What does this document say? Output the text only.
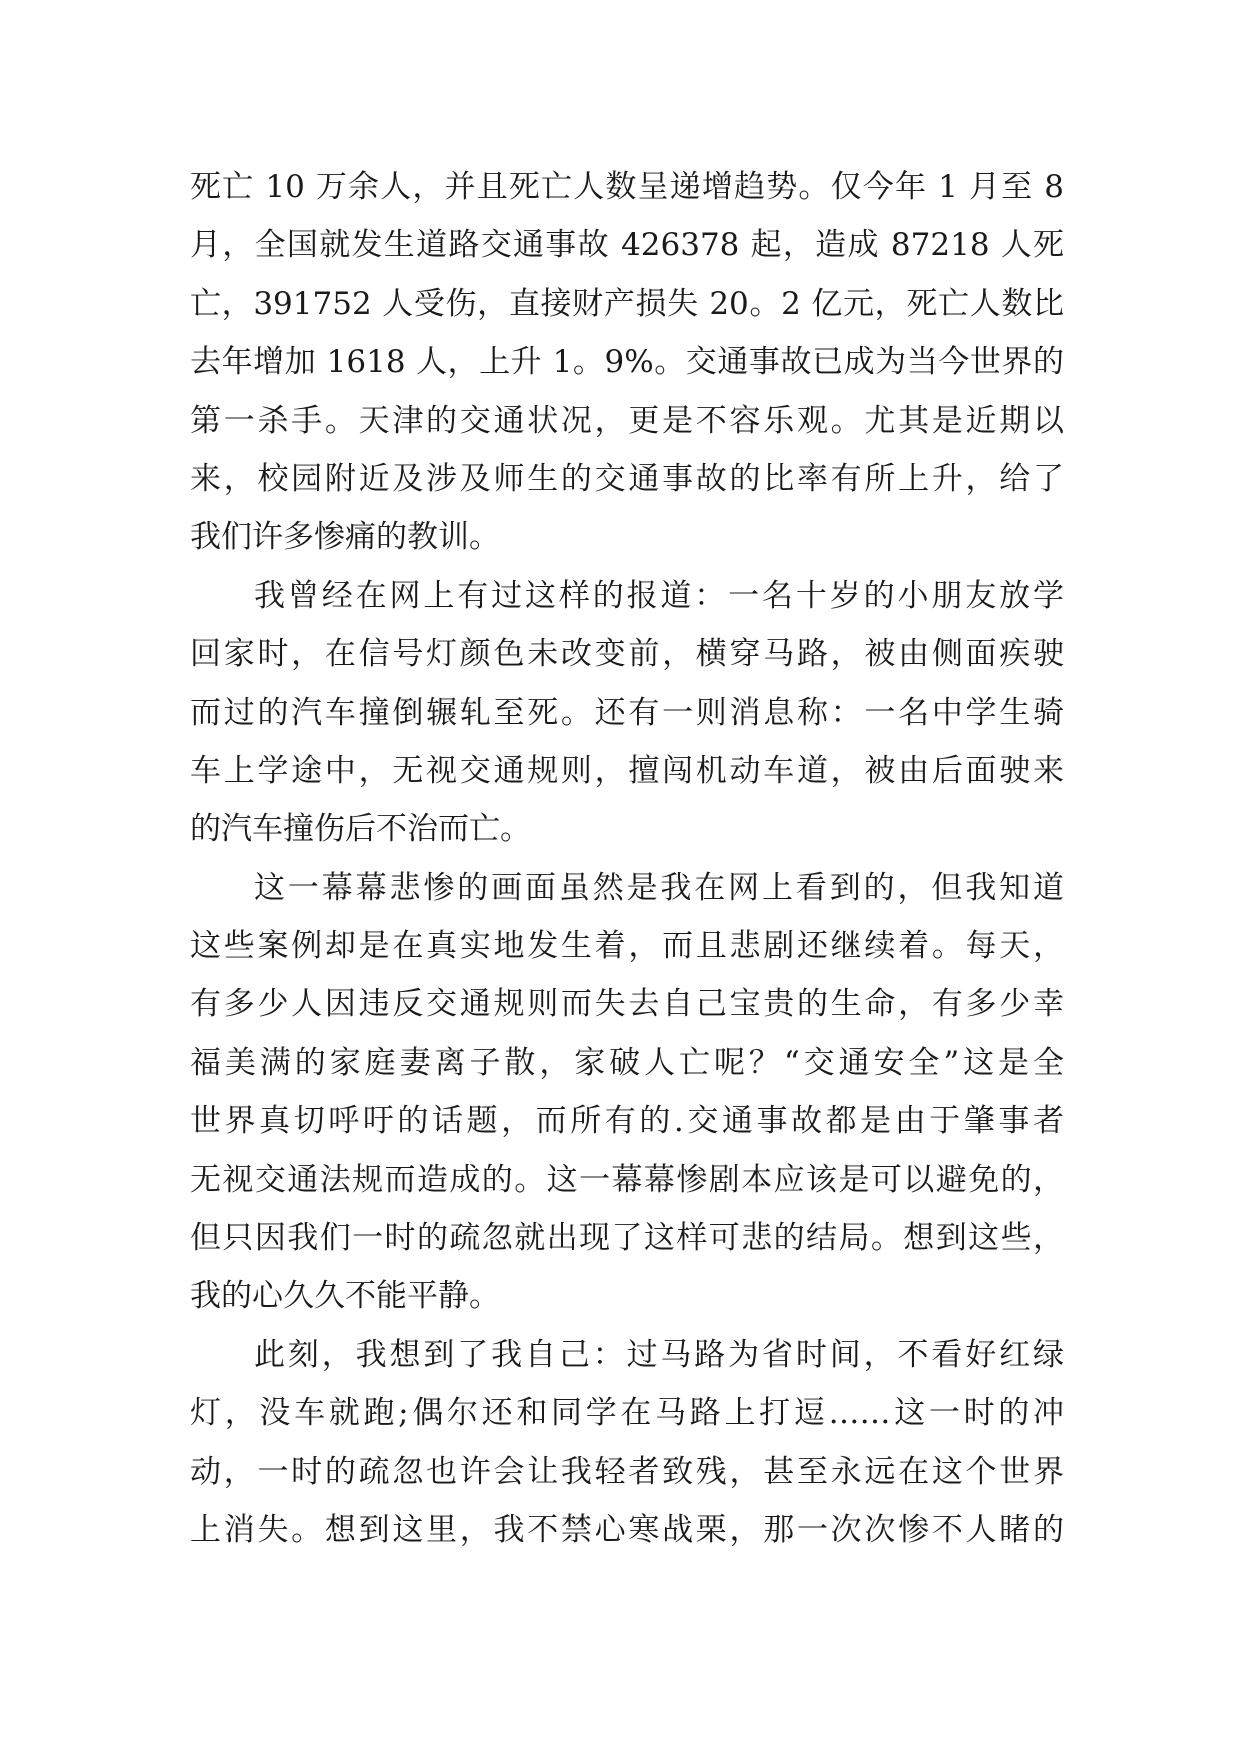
死亡 10 万余人，并且死亡人数呈递增趋势。仅今年 1 月至 8
月，全国就发生道路交通事故 426378 起，造成 87218 人死
亡，391752 人受伤，直接财产损失 20。2 亿元，死亡人数比
去年增加 1618 人，上升 1。9%。交通事故已成为当今世界的
第一杀手。天津的交通状况，更是不容乐观。尤其是近期以
来，校园附近及涉及师生的交通事故的比率有所上升，给了
我们许多惨痛的教训。
我曾经在网上有过这样的报道：一名十岁的小朋友放学
回家时，在信号灯颜色未改变前，横穿马路，被由侧面疾驶
而过的汽车撞倒辗轧至死。还有一则消息称：一名中学生骑
车上学途中，无视交通规则，擅闯机动车道，被由后面驶来
的汽车撞伤后不治而亡。
这一幕幕悲惨的画面虽然是我在网上看到的，但我知道
这些案例却是在真实地发生着，而且悲剧还继续着。每天，
有多少人因违反交通规则而失去自己宝贵的生命，有多少幸
福美满的家庭妻离子散，家破人亡呢？“交通安全”这是全
世界真切呼吁的话题，而所有的.交通事故都是由于肇事者
无视交通法规而造成的。这一幕幕惨剧本应该是可以避免的，
但只因我们一时的疏忽就出现了这样可悲的结局。想到这些，
我的心久久不能平静。
此刻，我想到了我自己：过马路为省时间，不看好红绿
灯，没车就跑;偶尔还和同学在马路上打逗……这一时的冲
动，一时的疏忽也许会让我轻者致残，甚至永远在这个世界
上消失。想到这里，我不禁心寒战栗，那一次次惨不人睹的
